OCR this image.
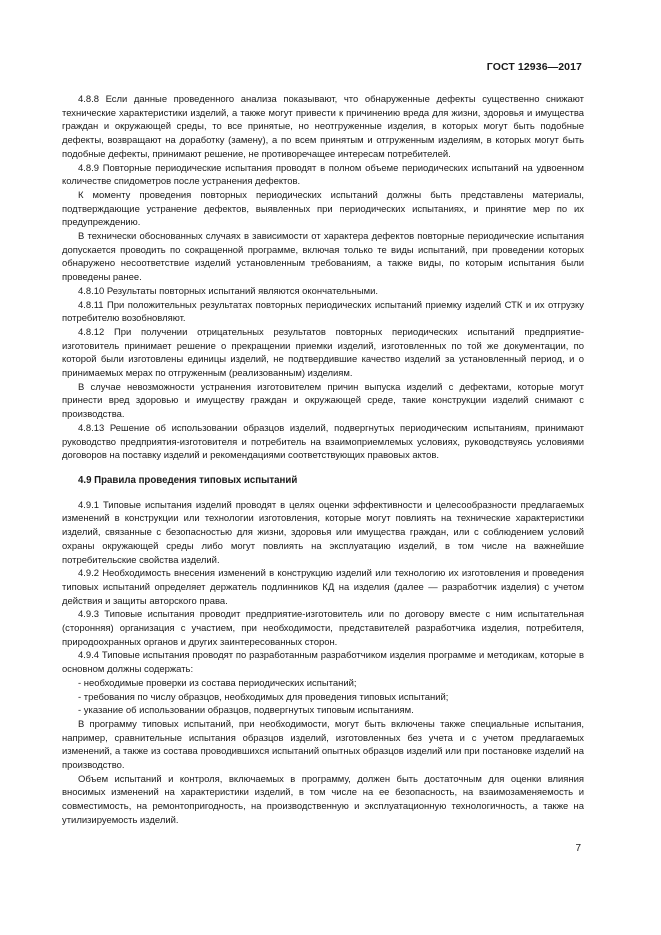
ГОСТ 12936—2017

4.8.8 Если данные проведенного анализа показывают, что обнаруженные дефекты существенно снижают технические характеристики изделий, а также могут привести к причинению вреда для жизни, здоровья и имущества граждан и окружающей среды, то все принятые, но неотгруженные изделия, в которых могут быть подобные дефекты, возвращают на доработку (замену), а по всем принятым и отгруженным изделиям, в которых могут быть подобные дефекты, принимают решение, не противоречащее интересам потребителей.

4.8.9 Повторные периодические испытания проводят в полном объеме периодических испытаний на удвоенном количестве спидометров после устранения дефектов.

К моменту проведения повторных периодических испытаний должны быть представлены материалы, подтверждающие устранение дефектов, выявленных при периодических испытаниях, и принятие мер по их предупреждению.

В технически обоснованных случаях в зависимости от характера дефектов повторные периодические испытания допускается проводить по сокращенной программе, включая только те виды испытаний, при проведении которых обнаружено несоответствие изделий установленным требованиям, а также виды, по которым испытания были проведены ранее.

4.8.10 Результаты повторных испытаний являются окончательными.

4.8.11 При положительных результатах повторных периодических испытаний приемку изделий СТК и их отгрузку потребителю возобновляют.

4.8.12 При получении отрицательных результатов повторных периодических испытаний предприятие-изготовитель принимает решение о прекращении приемки изделий, изготовленных по той же документации, по которой были изготовлены единицы изделий, не подтвердившие качество изделий за установленный период, и о принимаемых мерах по отгруженным (реализованным) изделиям.

В случае невозможности устранения изготовителем причин выпуска изделий с дефектами, которые могут принести вред здоровью и имуществу граждан и окружающей среде, такие конструкции изделий снимают с производства.

4.8.13 Решение об использовании образцов изделий, подвергнутых периодическим испытаниям, принимают руководство предприятия-изготовителя и потребитель на взаимоприемлемых условиях, руководствуясь условиями договоров на поставку изделий и рекомендациями соответствующих правовых актов.

4.9 Правила проведения типовых испытаний

4.9.1 Типовые испытания изделий проводят в целях оценки эффективности и целесообразности предлагаемых изменений в конструкции или технологии изготовления, которые могут повлиять на технические характеристики изделий, связанные с безопасностью для жизни, здоровья или имущества граждан, или с соблюдением условий охраны окружающей среды либо могут повлиять на эксплуатацию изделий, в том числе на важнейшие потребительские свойства изделий.

4.9.2 Необходимость внесения изменений в конструкцию изделий или технологию их изготовления и проведения типовых испытаний определяет держатель подлинников КД на изделия (далее — разработчик изделия) с учетом действия и защиты авторского права.

4.9.3 Типовые испытания проводит предприятие-изготовитель или по договору вместе с ним испытательная (сторонняя) организация с участием, при необходимости, представителей разработчика изделия, потребителя, природоохранных органов и других заинтересованных сторон.

4.9.4 Типовые испытания проводят по разработанным разработчиком изделия программе и методикам, которые в основном должны содержать:

- необходимые проверки из состава периодических испытаний;

- требования по числу образцов, необходимых для проведения типовых испытаний;

- указание об использовании образцов, подвергнутых типовым испытаниям.

В программу типовых испытаний, при необходимости, могут быть включены также специальные испытания, например, сравнительные испытания образцов изделий, изготовленных без учета и с учетом предлагаемых изменений, а также из состава проводившихся испытаний опытных образцов изделий или при постановке изделий на производство.

Объем испытаний и контроля, включаемых в программу, должен быть достаточным для оценки влияния вносимых изменений на характеристики изделий, в том числе на ее безопасность, на взаимозаменяемость и совместимость, на ремонтопригодность, на производственную и эксплуатационную технологичность, а также на утилизируемость изделий.

7
